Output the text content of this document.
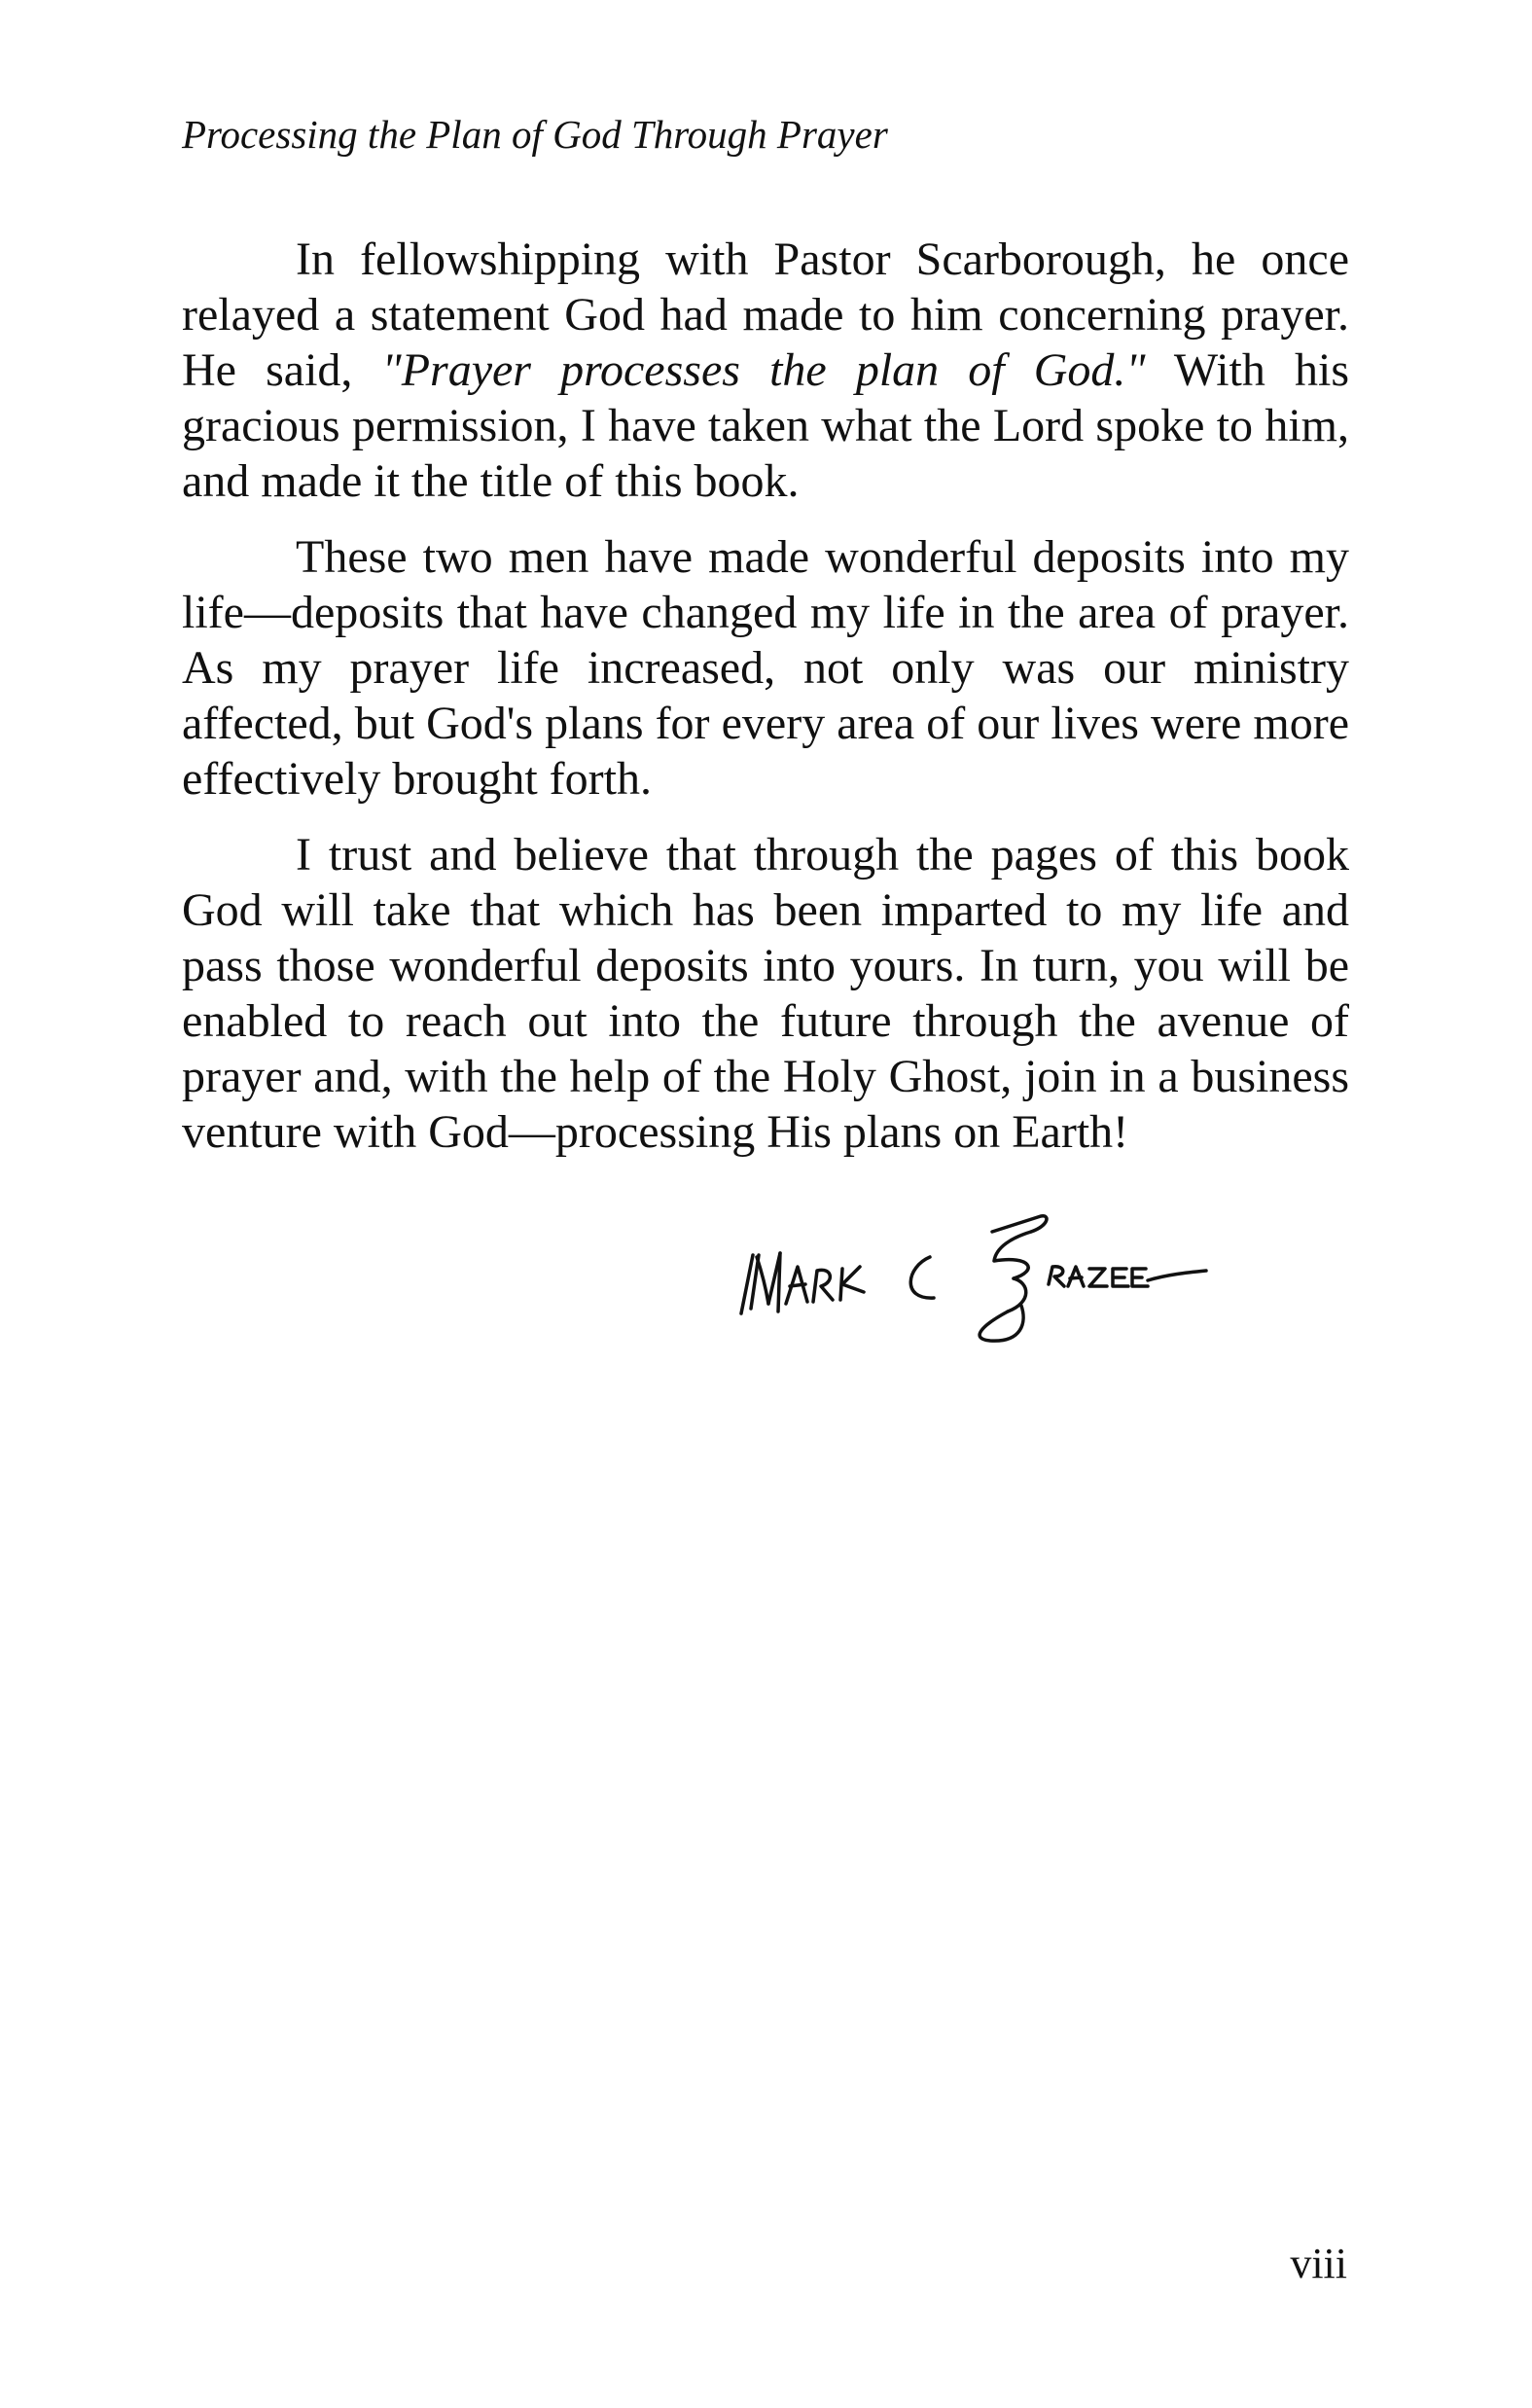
Processing the Plan of God Through Prayer

In fellowshipping with Pastor Scarborough, he once relayed a statement God had made to him concerning prayer. He said, "Prayer processes the plan of God." With his gracious permission, I have taken what the Lord spoke to him, and made it the title of this book.

These two men have made wonderful deposits into my life—deposits that have changed my life in the area of prayer. As my prayer life increased, not only was our ministry affected, but God's plans for every area of our lives were more effectively brought forth.

I trust and believe that through the pages of this book God will take that which has been imparted to my life and pass those wonderful deposits into yours. In turn, you will be enabled to reach out into the future through the avenue of prayer and, with the help of the Holy Ghost, join in a business venture with God—processing His plans on Earth!

viii
